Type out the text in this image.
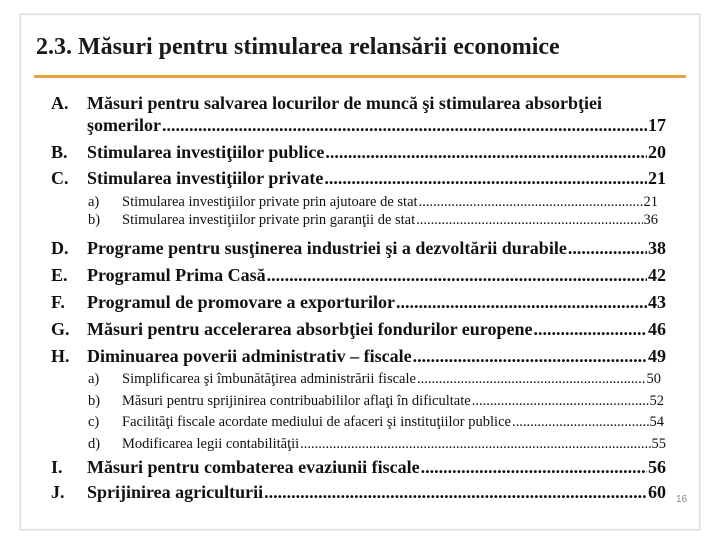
2.3. Măsuri pentru stimularea relansării economice
A. Măsuri pentru salvarea locurilor de muncă şi stimularea absorbţiei
şomerilor .....	17
B. Stimularea investiţiilor publice .....	20
C. Stimularea investiţiilor private .....	21
a) Stimularea investiţiilor private prin ajutoare de stat .....	21
b) Stimularea investiţiilor private prin garanţii de stat .....	36
D. Programe pentru susţinerea industriei şi a dezvoltării durabile .....	38
E. Programul Prima Casă .....	42
F. Programul de promovare a exporturilor .....	43
G. Măsuri pentru accelerarea absorbţiei fondurilor europene .....	46
H. Diminuarea poverii administrativ – fiscale .....	49
a) Simplificarea şi îmbunătăţirea administrării fiscale .....	50
b) Măsuri pentru sprijinirea contribuabililor aflaţi în dificultate .....	52
c) Facilităţi fiscale acordate mediului de afaceri şi instituţiilor publice .....	54
d) Modificarea legii contabilităţii .....	55
I. Măsuri pentru combaterea evaziunii fiscale .....	56
J. Sprijinirea agriculturii .....	60 16
